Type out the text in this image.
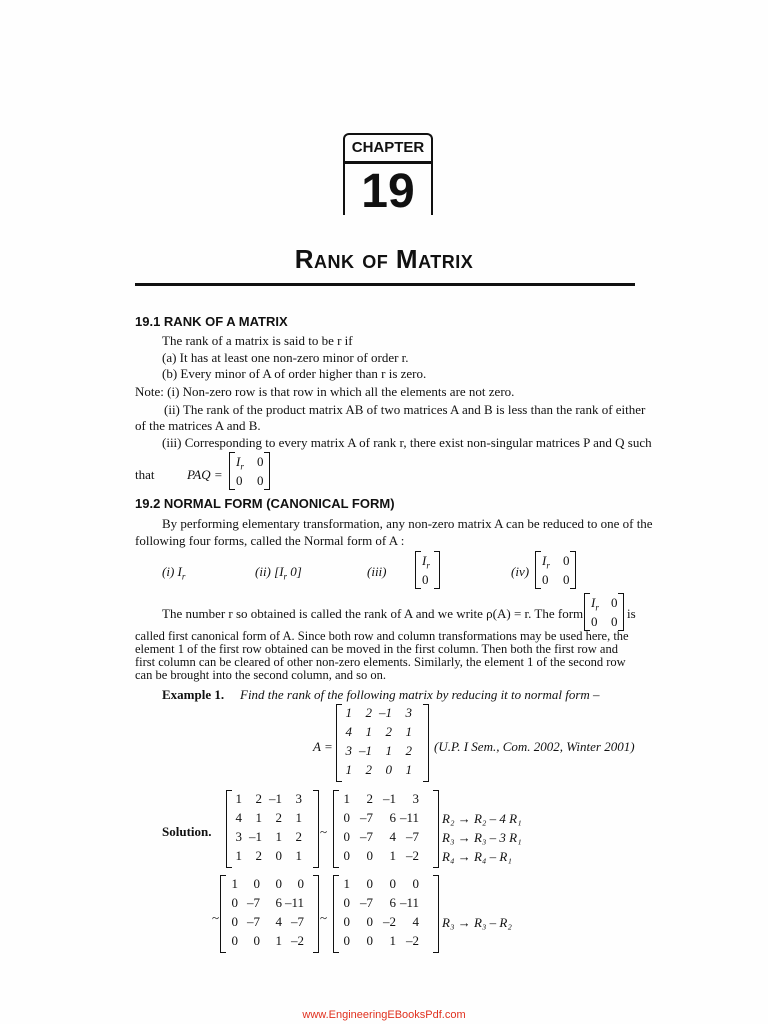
CHAPTER
19
Rank of Matrix
19.1 RANK OF A MATRIX
The rank of a matrix is said to be r if
(a) It has at least one non-zero minor of order r.
(b) Every minor of A of order higher than r is zero.
Note: (i) Non-zero row is that row in which all the elements are not zero.
(ii) The rank of the product matrix AB of two matrices A and B is less than the rank of either
of the matrices A and B.
(iii) Corresponding to every matrix A of rank r, there exist non-singular matrices P and Q such
that	PAQ =
$I_r$ 0
0 0
19.2 NORMAL FORM (CANONICAL FORM)
By performing elementary transformation, any non-zero matrix A can be reduced to one of the
following four forms, called the Normal form of A :
(i) $I_r$	(ii) [$I_r$ 0]	(iii)
$I_r$
0
(iv)
$I_r$ 0
0 0
The number r so obtained is called the rank of A and we write ρ(A) = r. The form
$I_r$ 0
0 0
is
called first canonical form of A. Since both row and column transformations may be used here, the
element 1 of the first row obtained can be moved in the first column. Then both the first row and
first column can be cleared of other non-zero elements. Similarly, the element 1 of the second row
can be brought into the second column, and so on.
Example 1. Find the rank of the following matrix by reducing it to normal form –
A =
1	2 –1	3
4	1	2	1
3 –1	1	2
1	2	0	1
(U.P. I Sem., Com. 2002, Winter 2001)
Solution.
1	2 –1	3
4	1	2	1
3 –1	1	2
1	2	0	1
~
1	2 –1	3
0 –7	6 –11
0 –7	4 –7
0	0	1 –2
R₂ → R₂ – 4 R₁
R₃ → R₃ – 3 R₁
R₄ → R₄ – R₁
~
1	0	0	0
0 –7	6 –11
0 –7	4 –7
0	0	1 –2
~
1	0	0	0
0 –7	6 –11
0	0 –2	4
0	0	1 –2
R₃ → R₃ – R₂
www.EngineeringEBooksPdf.com
